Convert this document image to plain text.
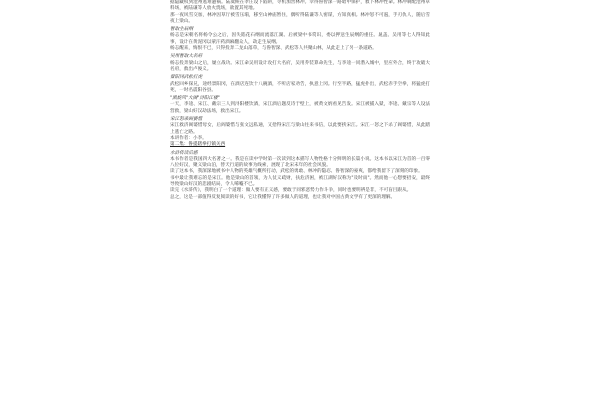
据隐藏权到沧州逃难避祸。陆虞候在孝庄设下陷阱，寻机加害林冲。幸得鲁智深一路暗中保护，救下林冲性命。林冲刺配沧州草料场，被陆谦等人放火烧场，欲置其死地。

那一夜风雪交加，林冲因草厅被雪压塌，移至山神庙暂住，偶听得陆谦等人密谋，方知真相。林冲怒不可遏，手刃仇人，随后雪夜上梁山。

智取生辰纲

杨志是宋朝名将杨令公之后，因失陷花石纲而流落江湖。后被梁中书赏识，委以押送生辰纲的重任。晁盖、吴用等七人得知此事，设计在黄泥冈以蒙汗药酒麻翻众人，劫走生辰纲。

杨志醒来，悔恨不已，只得投奔二龙山落草，与鲁智深、武松等人共聚山林，从此走上了另一条道路。

吴用智取大名府

杨志投奔梁山之后，屡立战功。宋江命吴用设计攻打大名府，吴用乔装算命先生，与李逵一同潜入城中，里应外合，终于攻破大名府，救出卢俊义。

景阳冈武松打虎

武松回乡探兄，途经景阳冈，在酒店连饮十八碗酒，不听店家劝告，执意上冈。行至半路，猛虎扑出，武松赤手空拳，将猛虎打死，一时名震阳谷县。

"黑旋风"大闹"浔阳江楼"

一天，李逵、宋江、戴宗三人到浔阳楼饮酒，宋江酒后题反诗于壁上，被黄文炳看见告发。宋江被捕入狱，李逵、戴宗等人设法营救，梁山好汉劫法场，救出宋江。

宋江怒杀阎婆惜

宋江救济阎婆惜母女，后阎婆惜与张文远私通，又拾得宋江与梁山往来书信，以此要挟宋江。宋江一怒之下杀了阎婆惜，从此踏上逃亡之路。

本讲作者：小李。

第二集：鲁提辖拳打镇关西

水浒传读后感

本书作者是我国四大名著之一。我是在读中学时第一次读到这本描写人物性格十分鲜明的长篇小说。这本书以宋江为首的一百零八位好汉，聚义梁山泊，替天行道的故事为线索，展现了北宋末年的社会风貌。

读了这本书，我深深地被书中人物的英雄气概所打动，武松的勇敢、林冲的隐忍、鲁智深的豪爽，都给我留下了深刻的印象。

书中最让我难忘的是宋江。他是梁山的首领，为人仗义疏财，扶危济困，被江湖好汉称为"及时雨"。然而他一心想要招安，最终导致梁山好汉的悲剧结局，令人唏嘘不已。

读完《水浒传》，我明白了一个道理：做人要有正义感，要敢于同邪恶势力作斗争，同时也要明辨是非，不可盲目跟从。

总之，这是一部值得反复阅读的好书，它让我懂得了许多做人的道理，也让我对中国古典文学有了更深的理解。
